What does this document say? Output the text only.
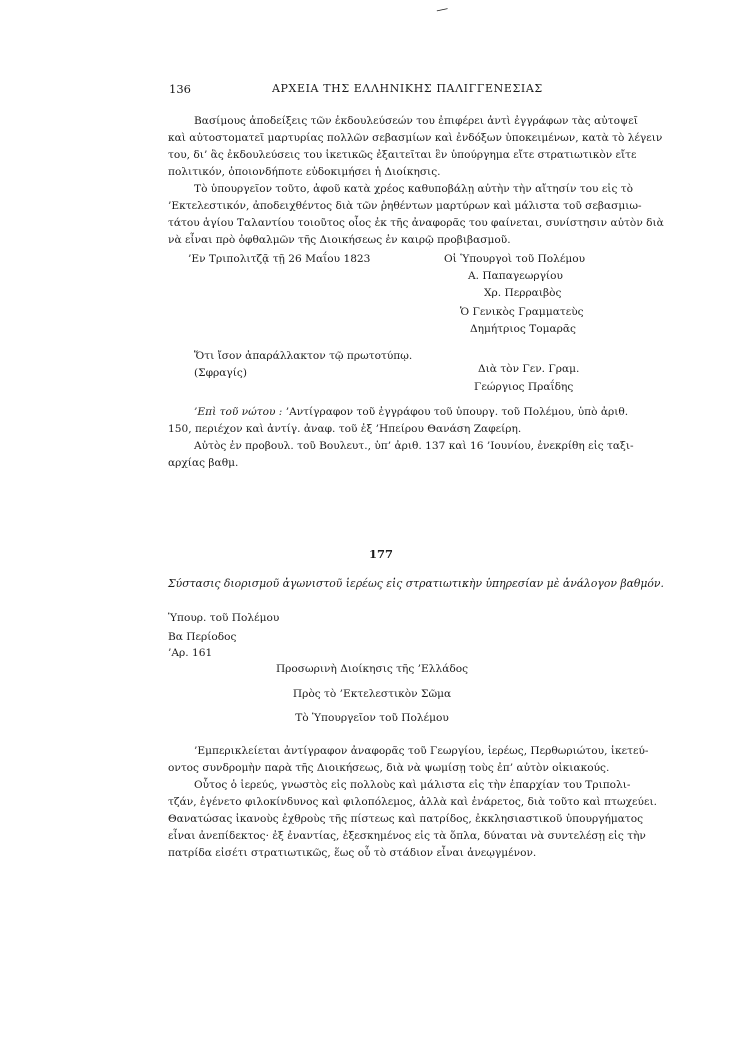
—
136	ΑΡΧΕΙΑ ΤΗΣ ΕΛΛΗΝΙΚΗΣ ΠΑΛΙΓΓΕΝΕΣΙΑΣ
Βασίμους ἀποδείξεις τῶν ἐκδουλεύσεών του ἐπιφέρει ἀντὶ ἐγγράφων τὰς αὐτοψεῖ
καὶ αὐτοστοματεῖ μαρτυρίας πολλῶν σεβασμίων καὶ ἐνδόξων ὑποκειμένων, κατὰ τὸ λέγειν
του, δι’ ἃς ἐκδουλεύσεις του ἱκετικῶς ἐξαιτεῖται ἓν ὑπούργημα εἴτε στρατιωτικὸν εἴτε
πολιτικόν, ὁποιονδήποτε εὐδοκιμήσει ἡ Διοίκησις.
Τὸ ὑπουργεῖον τοῦτο, ἀφοῦ κατὰ χρέος καθυποβάλῃ αὐτὴν τὴν αἴτησίν του εἰς τὸ
’Εκτελεστικόν, ἀποδειχθέντος διὰ τῶν ῥηθέντων μαρτύρων καὶ μάλιστα τοῦ σεβασμιω-
τάτου ἁγίου Ταλαντίου τοιοῦτος οἷος ἐκ τῆς ἀναφορᾶς του φαίνεται, συνίστησιν αὐτὸν διὰ
νὰ εἶναι πρὸ ὀφθαλμῶν τῆς Διοικήσεως ἐν καιρῷ προβιβασμοῦ.
’Εν Τριπολιτζᾷ τῇ 26 Μαΐου 1823	Οἱ Ὑπουργοὶ τοῦ Πολέμου
Α. Παπαγεωργίου
Χρ. Περραιβὸς
Ὁ Γενικὸς Γραμματεὺς
Δημήτριος Τομαρᾶς
Ὅτι ἴσον ἀπαράλλακτον τῷ πρωτοτύπῳ.
(Σφραγίς)	Διὰ τὸν Γεν. Γραμ.
Γεώργιος Πραΐδης
’Επὶ τοῦ νώτου : ’Αντίγραφον τοῦ ἐγγράφου τοῦ ὑπουργ. τοῦ Πολέμου, ὑπὸ ἀριθ.
150, περιέχον καὶ ἀντίγ. ἀναφ. τοῦ ἐξ ’Ηπείρου Θανάση Ζαφείρη.
Αὐτὸς ἐν προβουλ. τοῦ Βουλευτ., ὑπ’ ἀριθ. 137 καὶ 16 ’Ιουνίου, ἐνεκρίθη εἰς ταξι-
αρχίας βαθμ.
177
Σύστασις διορισμοῦ ἀγωνιστοῦ ἱερέως εἰς στρατιωτικὴν ὑπηρεσίαν μὲ ἀνάλογον βαθμόν.
Ὑπουρ. τοῦ Πολέμου
Βα Περίοδος
’Αρ. 161
Προσωρινὴ Διοίκησις τῆς ’Ελλάδος
Πρὸς τὸ ’Εκτελεστικὸν Σῶμα
Τὸ Ὑπουργεῖον τοῦ Πολέμου
’Εμπερικλείεται ἀντίγραφον ἀναφορᾶς τοῦ Γεωργίου, ἱερέως, Περθωριώτου, ἱκετεύ-
οντος συνδρομὴν παρὰ τῆς Διοικήσεως, διὰ νὰ ψωμίσῃ τοὺς ἐπ’ αὐτὸν οἰκιακούς.
Οὗτος ὁ ἱερεύς, γνωστὸς εἰς πολλοὺς καὶ μάλιστα εἰς τὴν ἐπαρχίαν του Τριπολι-
τζάν, ἐγένετο φιλοκίνδυνος καὶ φιλοπόλεμος, ἀλλὰ καὶ ἐνάρετος, διὰ τοῦτο καὶ πτωχεύει.
Θανατώσας ἱκανοὺς ἐχθροὺς τῆς πίστεως καὶ πατρίδος, ἐκκλησιαστικοῦ ὑπουργήματος
εἶναι ἀνεπίδεκτος· ἐξ ἐναντίας, ἐξεσκημένος εἰς τὰ ὅπλα, δύναται νὰ συντελέσῃ εἰς τὴν
πατρίδα εἰσέτι στρατιωτικῶς, ἕως οὗ τὸ στάδιον εἶναι ἀνεῳγμένον.
